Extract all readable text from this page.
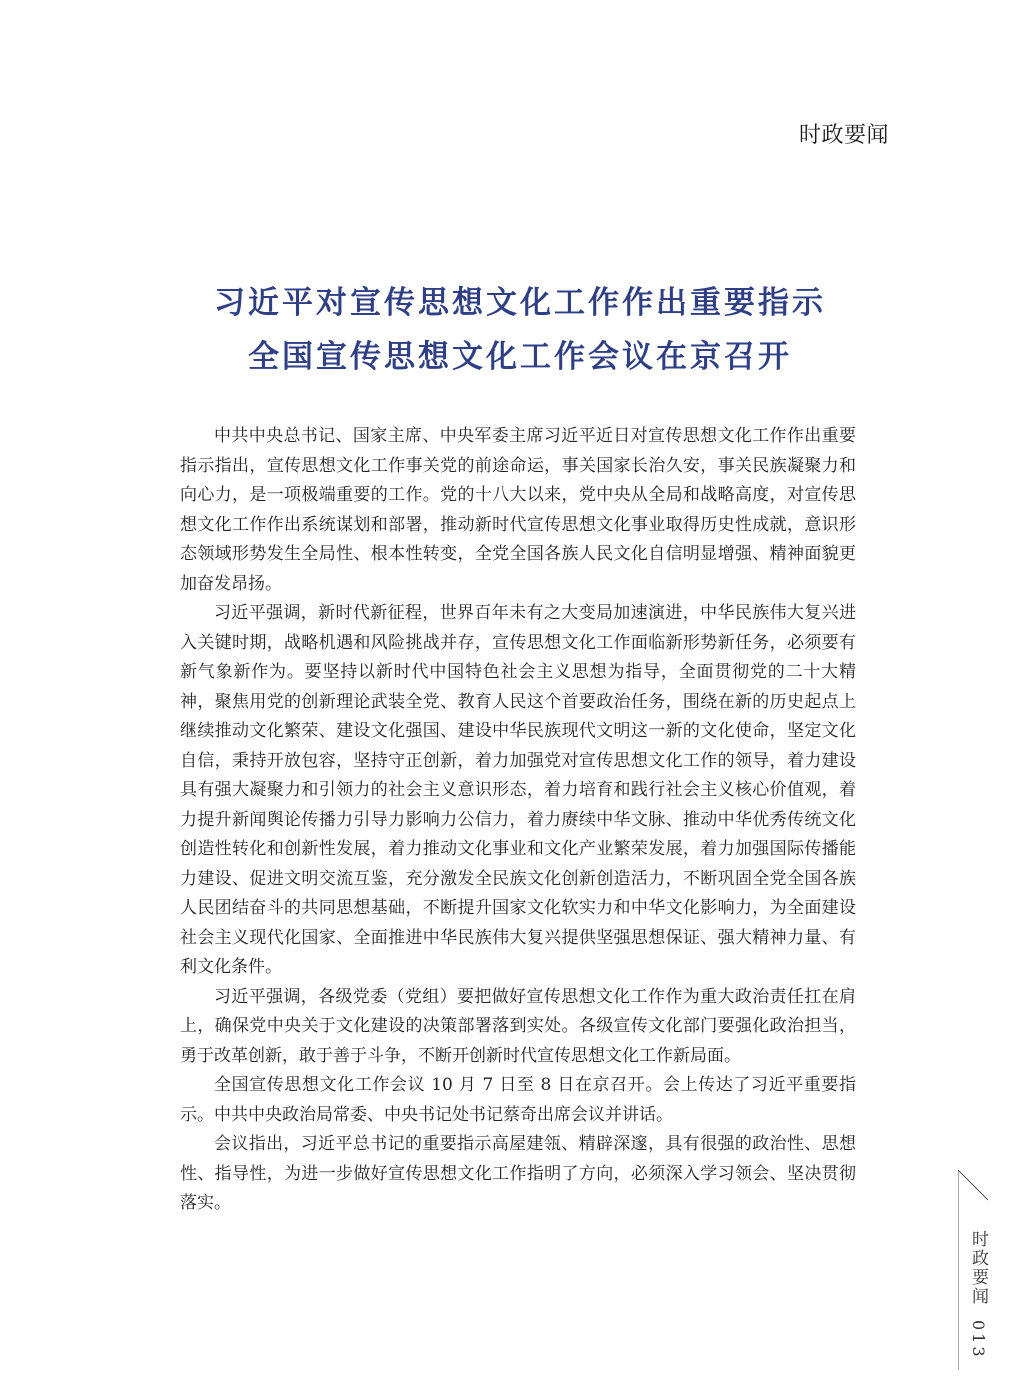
时政要闻
习近平对宣传思想文化工作作出重要指示
全国宣传思想文化工作会议在京召开

中共中央总书记、国家主席、中央军委主席习近平近日对宣传思想文化工作作出重要指示指出，宣传思想文化工作事关党的前途命运，事关国家长治久安，事关民族凝聚力和向心力，是一项极端重要的工作。党的十八大以来，党中央从全局和战略高度，对宣传思想文化工作作出系统谋划和部署，推动新时代宣传思想文化事业取得历史性成就，意识形态领域形势发生全局性、根本性转变，全党全国各族人民文化自信明显增强、精神面貌更加奋发昂扬。

习近平强调，新时代新征程，世界百年未有之大变局加速演进，中华民族伟大复兴进入关键时期，战略机遇和风险挑战并存，宣传思想文化工作面临新形势新任务，必须要有新气象新作为。要坚持以新时代中国特色社会主义思想为指导，全面贯彻党的二十大精神，聚焦用党的创新理论武装全党、教育人民这个首要政治任务，围绕在新的历史起点上继续推动文化繁荣、建设文化强国、建设中华民族现代文明这一新的文化使命，坚定文化自信，秉持开放包容，坚持守正创新，着力加强党对宣传思想文化工作的领导，着力建设具有强大凝聚力和引领力的社会主义意识形态，着力培育和践行社会主义核心价值观，着力提升新闻舆论传播力引导力影响力公信力，着力赓续中华文脉、推动中华优秀传统文化创造性转化和创新性发展，着力推动文化事业和文化产业繁荣发展，着力加强国际传播能力建设、促进文明交流互鉴，充分激发全民族文化创新创造活力，不断巩固全党全国各族人民团结奋斗的共同思想基础，不断提升国家文化软实力和中华文化影响力，为全面建设社会主义现代化国家、全面推进中华民族伟大复兴提供坚强思想保证、强大精神力量、有利文化条件。

习近平强调，各级党委（党组）要把做好宣传思想文化工作作为重大政治责任扛在肩上，确保党中央关于文化建设的决策部署落到实处。各级宣传文化部门要强化政治担当，勇于改革创新，敢于善于斗争，不断开创新时代宣传思想文化工作新局面。

全国宣传思想文化工作会议 10 月 7 日至 8 日在京召开。会上传达了习近平重要指示。中共中央政治局常委、中央书记处书记蔡奇出席会议并讲话。

会议指出，习近平总书记的重要指示高屋建瓴、精辟深邃，具有很强的政治性、思想性、指导性，为进一步做好宣传思想文化工作指明了方向，必须深入学习领会、坚决贯彻落实。

时政要闻
013
